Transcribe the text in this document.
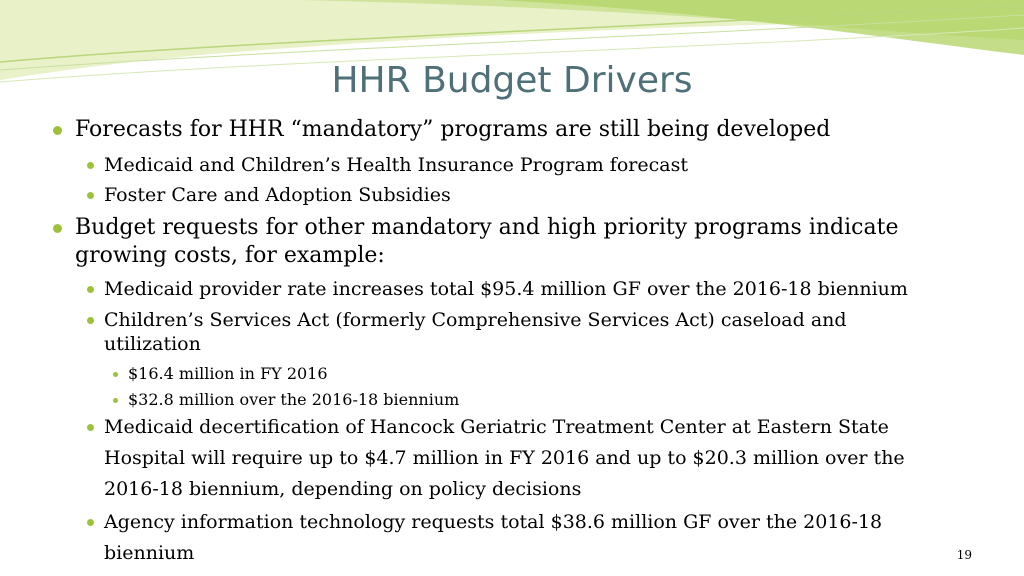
HHR Budget Drivers
Forecasts for HHR “mandatory” programs are still being developed
Medicaid and Children’s Health Insurance Program forecast
Foster Care and Adoption Subsidies
Budget requests for other mandatory and high priority programs indicate
growing costs, for example:
Medicaid provider rate increases total $95.4 million GF over the 2016-18 biennium
Children’s Services Act (formerly Comprehensive Services Act) caseload and
utilization
$16.4 million in FY 2016
$32.8 million over the 2016-18 biennium
Medicaid decertification of Hancock Geriatric Treatment Center at Eastern State
Hospital will require up to $4.7 million in FY 2016 and up to $20.3 million over the
2016-18 biennium, depending on policy decisions
Agency information technology requests total $38.6 million GF over the 2016-18
biennium	19
